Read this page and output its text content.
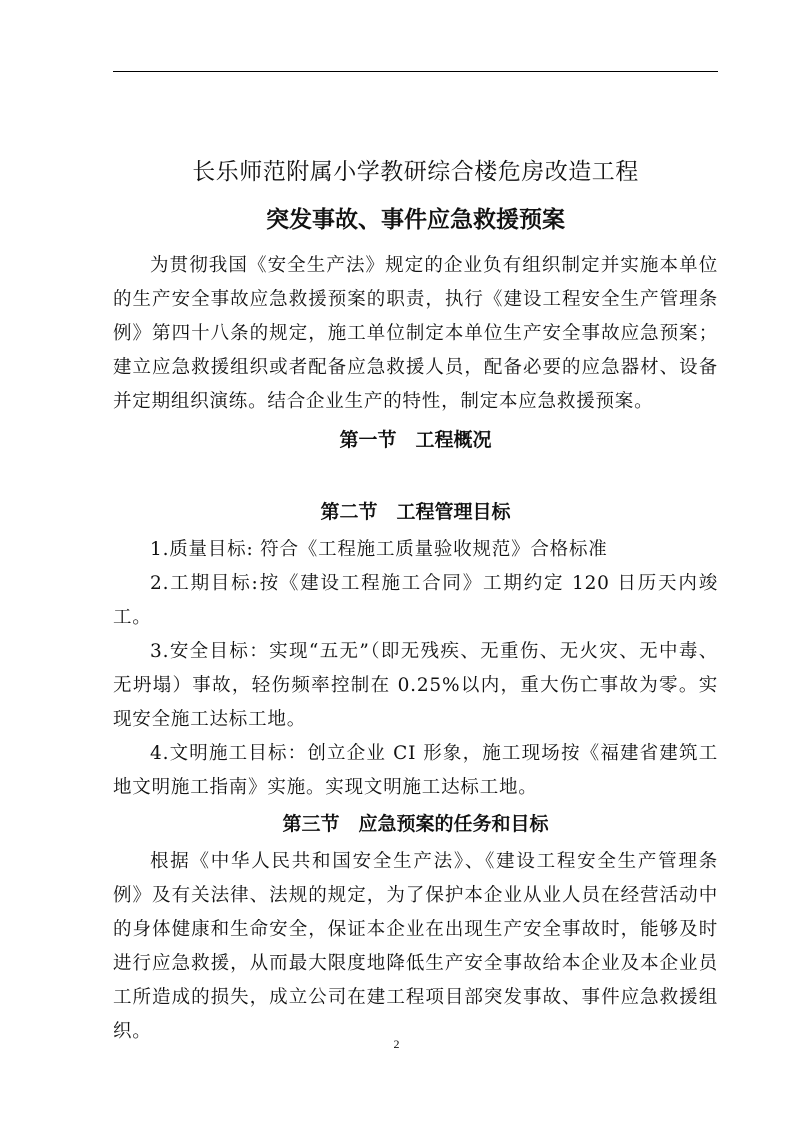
长乐师范附属小学教研综合楼危房改造工程
突发事故、事件应急救援预案

为贯彻我国《安全生产法》规定的企业负有组织制定并实施本单位的生产安全事故应急救援预案的职责，执行《建设工程安全生产管理条例》第四十八条的规定，施工单位制定本单位生产安全事故应急预案；建立应急救援组织或者配备应急救援人员，配备必要的应急器材、设备并定期组织演练。结合企业生产的特性，制定本应急救援预案。

第一节　工程概况
第二节　工程管理目标

1.质量目标: 符合《工程施工质量验收规范》合格标准

2.工期目标:按《建设工程施工合同》工期约定 120 日历天内竣工。

3.安全目标：实现“五无”（即无残疾、无重伤、无火灾、无中毒、无坍塌）事故，轻伤频率控制在 0.25%以内，重大伤亡事故为零。实现安全施工达标工地。

4.文明施工目标：创立企业 CI 形象，施工现场按《福建省建筑工地文明施工指南》实施。实现文明施工达标工地。

第三节　应急预案的任务和目标

根据《中华人民共和国安全生产法》、《建设工程安全生产管理条例》及有关法律、法规的规定，为了保护本企业从业人员在经营活动中的身体健康和生命安全，保证本企业在出现生产安全事故时，能够及时进行应急救援，从而最大限度地降低生产安全事故给本企业及本企业员工所造成的损失，成立公司在建工程项目部突发事故、事件应急救援组织。

2
